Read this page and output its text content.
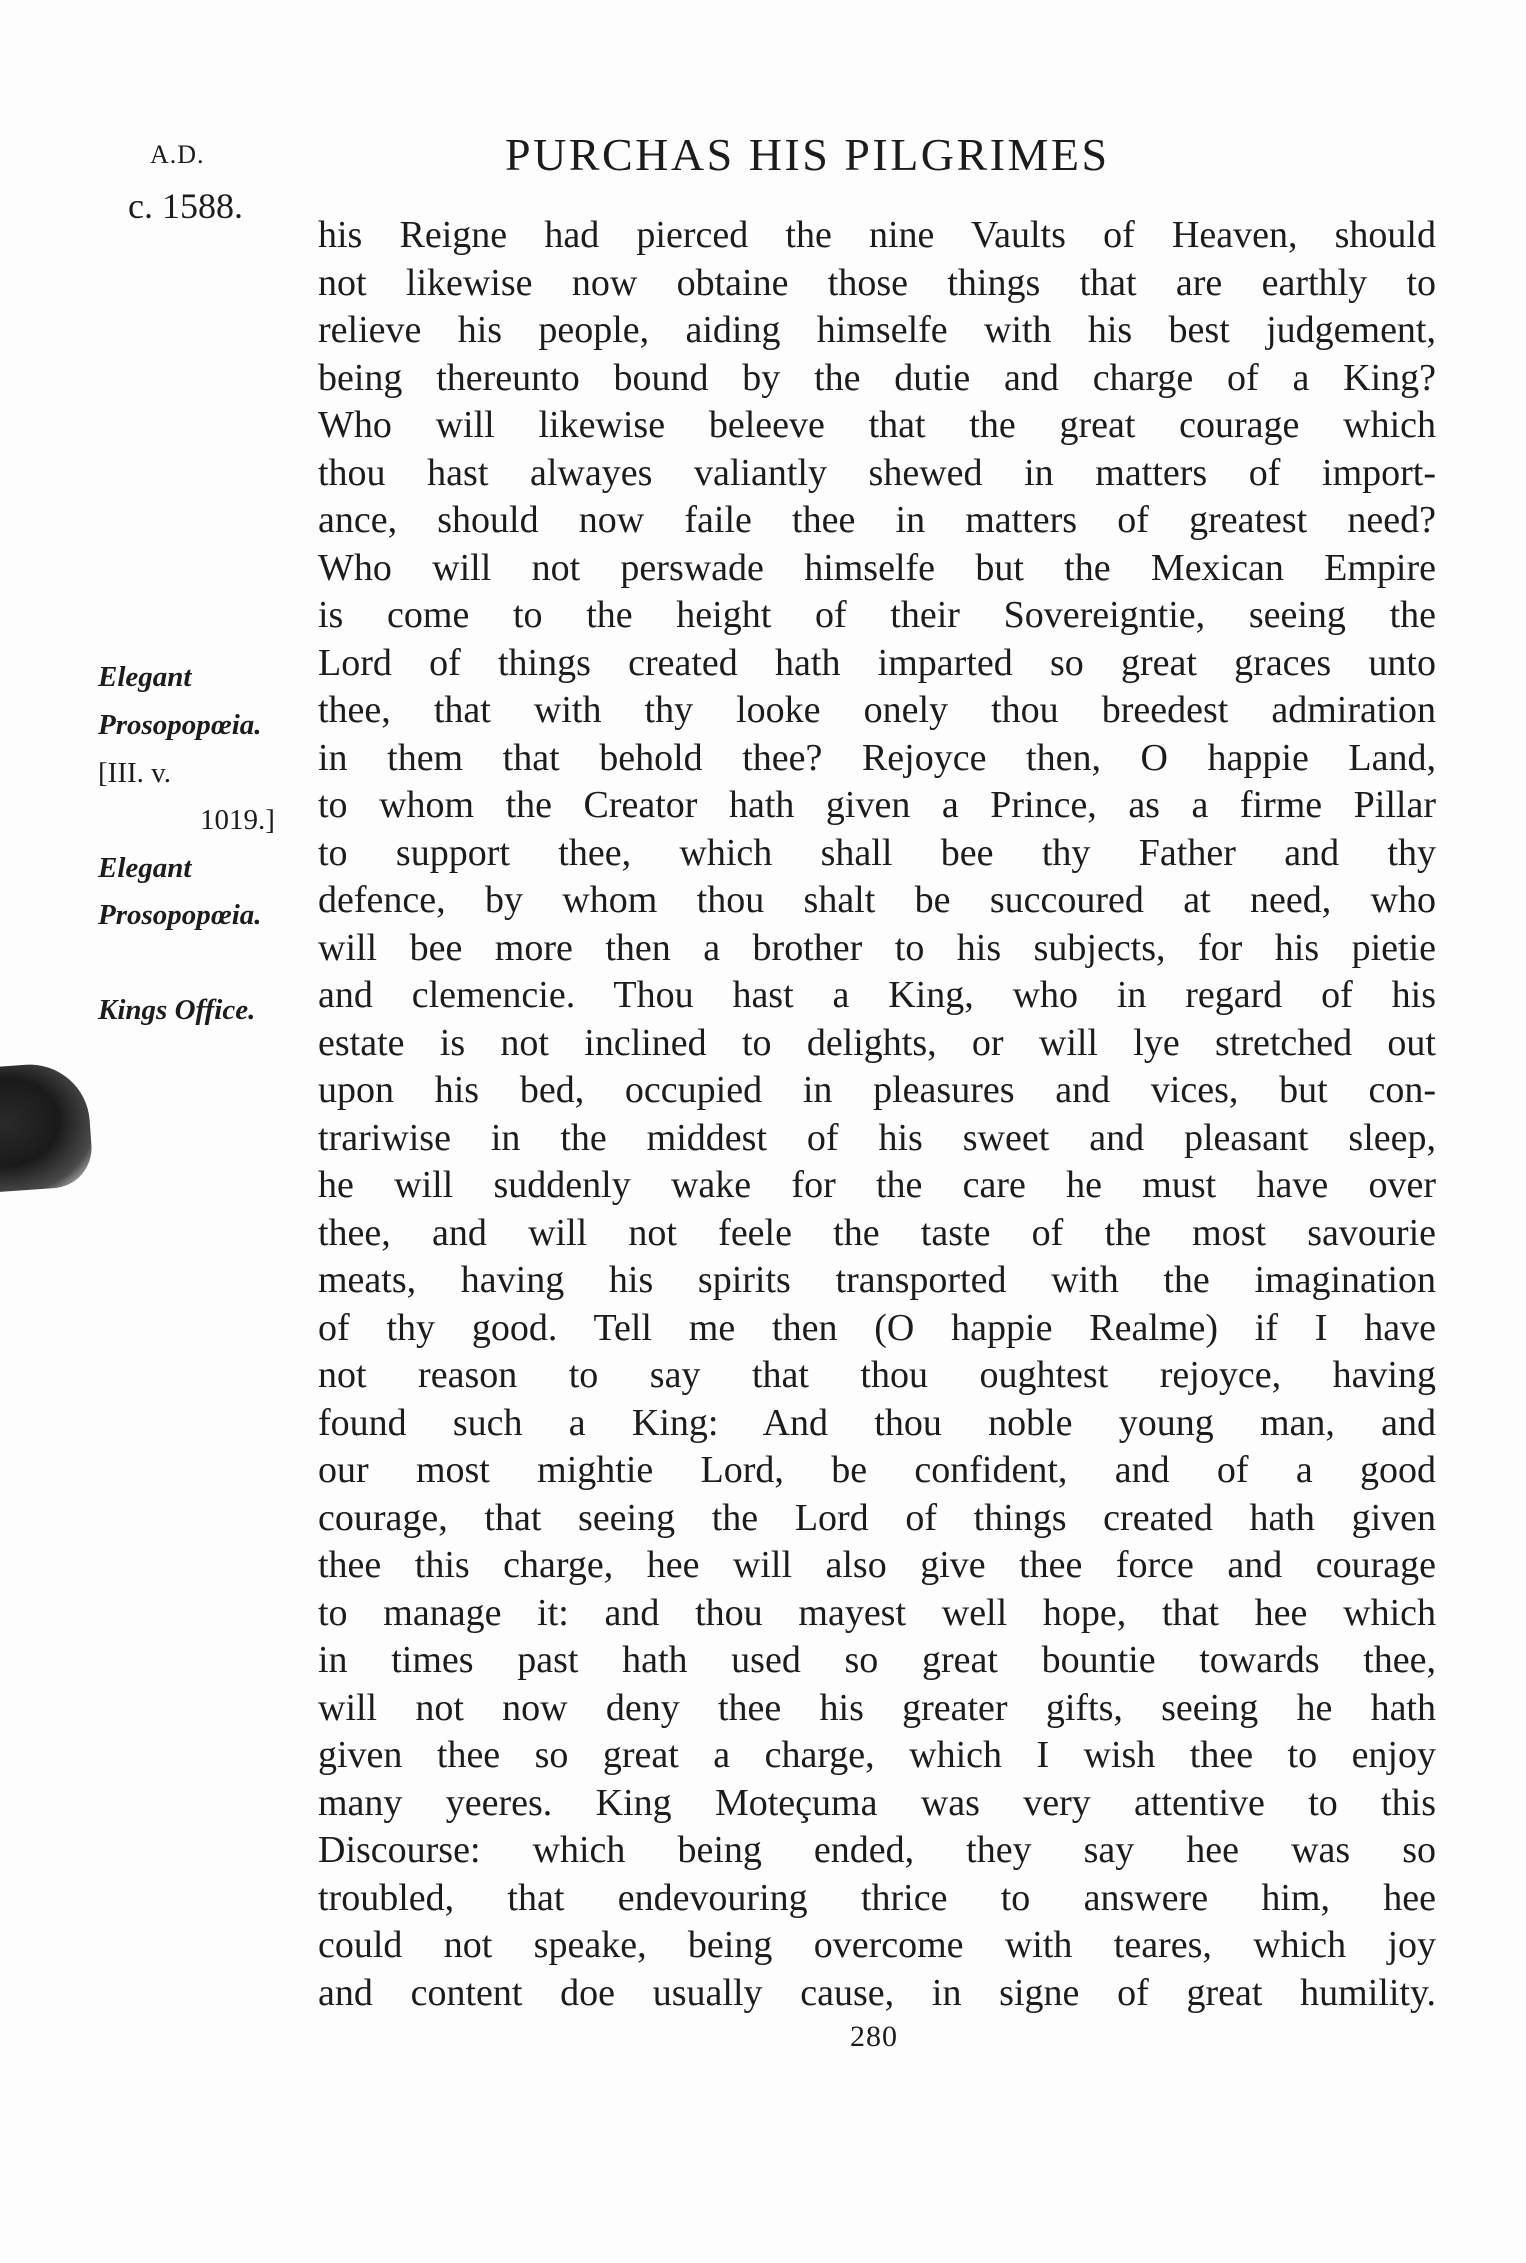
A.D.
c. 1588.
PURCHAS HIS PILGRIMES
Elegant
Prosopopœia.
[III. v.
1019.]
Elegant
Prosopopœia.
Kings Office.
his Reigne had pierced the nine Vaults of Heaven, should
not likewise now obtaine those things that are earthly to
relieve his people, aiding himselfe with his best judgement,
being thereunto bound by the dutie and charge of a King?
Who will likewise beleeve that the great courage which
thou hast alwayes valiantly shewed in matters of import-
ance, should now faile thee in matters of greatest need?
Who will not perswade himselfe but the Mexican Empire
is come to the height of their Sovereigntie, seeing the
Lord of things created hath imparted so great graces unto
thee, that with thy looke onely thou breedest admiration
in them that behold thee? Rejoyce then, O happie Land,
to whom the Creator hath given a Prince, as a firme Pillar
to support thee, which shall bee thy Father and thy
defence, by whom thou shalt be succoured at need, who
will bee more then a brother to his subjects, for his pietie
and clemencie. Thou hast a King, who in regard of his
estate is not inclined to delights, or will lye stretched out
upon his bed, occupied in pleasures and vices, but con-
trariwise in the middest of his sweet and pleasant sleep,
he will suddenly wake for the care he must have over
thee, and will not feele the taste of the most savourie
meats, having his spirits transported with the imagination
of thy good. Tell me then (O happie Realme) if I have
not reason to say that thou oughtest rejoyce, having
found such a King: And thou noble young man, and
our most mightie Lord, be confident, and of a good
courage, that seeing the Lord of things created hath given
thee this charge, hee will also give thee force and courage
to manage it: and thou mayest well hope, that hee which
in times past hath used so great bountie towards thee,
will not now deny thee his greater gifts, seeing he hath
given thee so great a charge, which I wish thee to enjoy
many yeeres. King Moteçuma was very attentive to this
Discourse: which being ended, they say hee was so
troubled, that endevouring thrice to answere him, hee
could not speake, being overcome with teares, which joy
and content doe usually cause, in signe of great humility.
280
